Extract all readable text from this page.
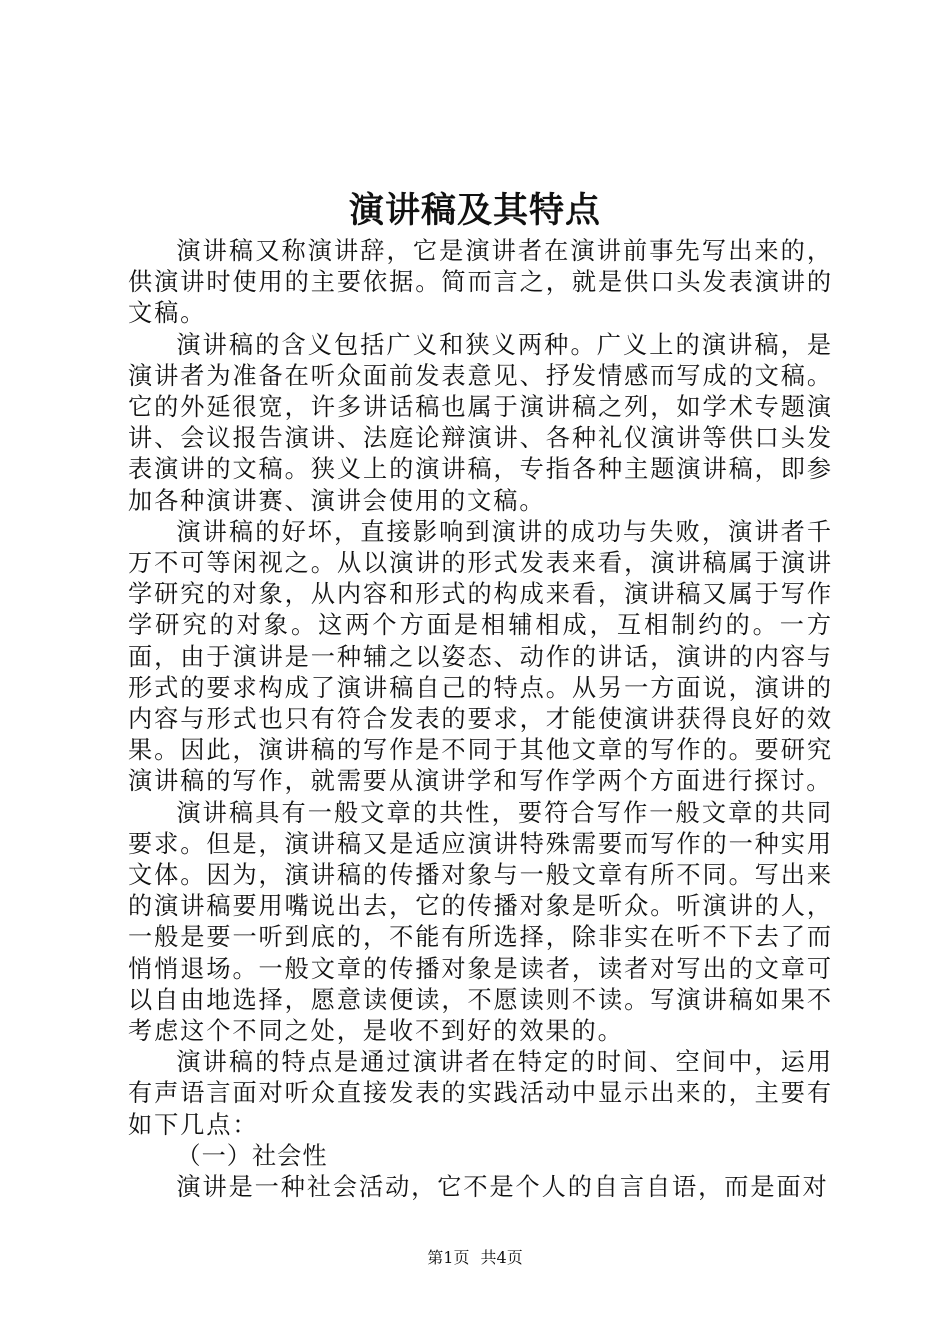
演讲稿及其特点

演讲稿又称演讲辞，它是演讲者在演讲前事先写出来的，供演讲时使用的主要依据。简而言之，就是供口头发表演讲的文稿。

演讲稿的含义包括广义和狭义两种。广义上的演讲稿，是演讲者为准备在听众面前发表意见、抒发情感而写成的文稿。它的外延很宽，许多讲话稿也属于演讲稿之列，如学术专题演讲、会议报告演讲、法庭论辩演讲、各种礼仪演讲等供口头发表演讲的文稿。狭义上的演讲稿，专指各种主题演讲稿，即参加各种演讲赛、演讲会使用的文稿。

演讲稿的好坏，直接影响到演讲的成功与失败，演讲者千万不可等闲视之。从以演讲的形式发表来看，演讲稿属于演讲学研究的对象，从内容和形式的构成来看，演讲稿又属于写作学研究的对象。这两个方面是相辅相成，互相制约的。一方面，由于演讲是一种辅之以姿态、动作的讲话，演讲的内容与形式的要求构成了演讲稿自己的特点。从另一方面说，演讲的内容与形式也只有符合发表的要求，才能使演讲获得良好的效果。因此，演讲稿的写作是不同于其他文章的写作的。要研究演讲稿的写作，就需要从演讲学和写作学两个方面进行探讨。

演讲稿具有一般文章的共性，要符合写作一般文章的共同要求。但是，演讲稿又是适应演讲特殊需要而写作的一种实用文体。因为，演讲稿的传播对象与一般文章有所不同。写出来的演讲稿要用嘴说出去，它的传播对象是听众。听演讲的人，一般是要一听到底的，不能有所选择，除非实在听不下去了而悄悄退场。一般文章的传播对象是读者，读者对写出的文章可以自由地选择，愿意读便读，不愿读则不读。写演讲稿如果不考虑这个不同之处，是收不到好的效果的。

演讲稿的特点是通过演讲者在特定的时间、空间中，运用有声语言面对听众直接发表的实践活动中显示出来的，主要有如下几点：

（一）社会性

演讲是一种社会活动，它不是个人的自言自语，而是面对

第1页 共4页
